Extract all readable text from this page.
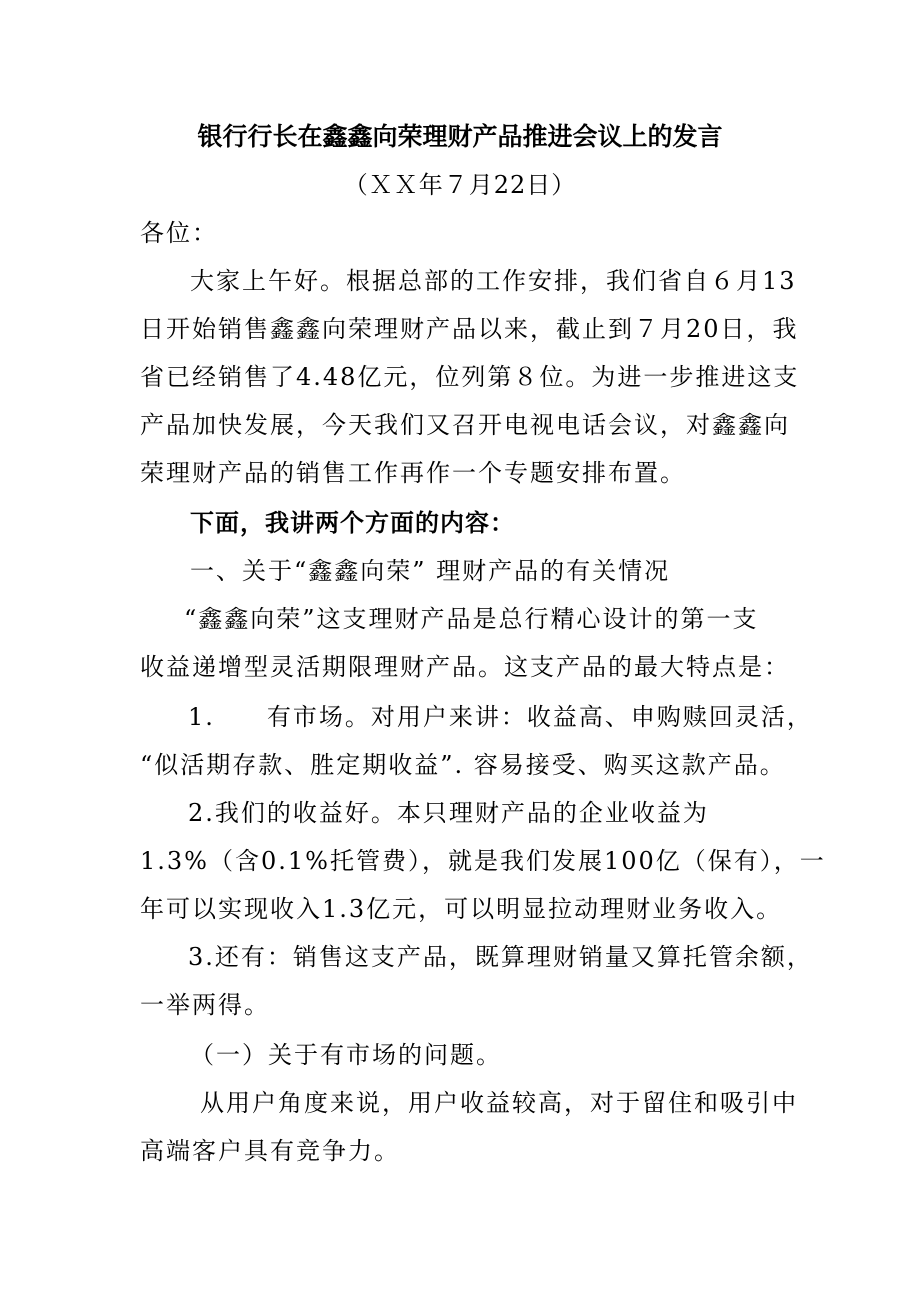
银行行长在鑫鑫向荣理财产品推进会议上的发言
（ＸＸ年７月22日）
各位：
大家上午好。根据总部的工作安排，我们省自６月13
日开始销售鑫鑫向荣理财产品以来，截止到７月20日，我
省已经销售了4.48亿元，位列第８位。为进一步推进这支
产品加快发展，今天我们又召开电视电话会议，对鑫鑫向
荣理财产品的销售工作再作一个专题安排布置。
下面，我讲两个方面的内容：
一、关于“鑫鑫向荣” 理财产品的有关情况
“鑫鑫向荣”这支理财产品是总行精心设计的第一支
收益递增型灵活期限理财产品。这支产品的最大特点是：
1.　　有市场。对用户来讲：收益高、申购赎回灵活，
“似活期存款、胜定期收益”. 容易接受、购买这款产品。
2.我们的收益好。本只理财产品的企业收益为
1.3%（含0.1%托管费），就是我们发展100亿（保有），一
年可以实现收入1.3亿元，可以明显拉动理财业务收入。
3.还有：销售这支产品，既算理财销量又算托管余额，
一举两得。
（一）关于有市场的问题。
从用户角度来说，用户收益较高，对于留住和吸引中
高端客户具有竞争力。
